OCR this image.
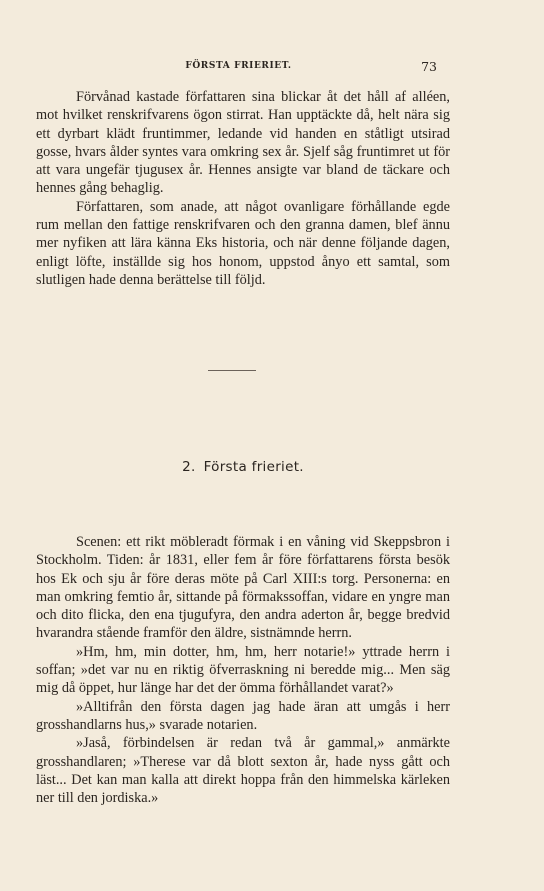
FÖRSTA FRIERIET.	73

Förvånad kastade författaren sina blickar åt det håll af alléen, mot hvilket renskrifvarens ögon stirrat. Han upptäckte då, helt nära sig ett dyrbart klädt fruntimmer, ledande vid handen en ståtligt utsirad gosse, hvars ålder syntes vara omkring sex år. Sjelf såg fruntimret ut för att vara ungefär tjugusex år. Hennes ansigte var bland de täckare och hennes gång behaglig.

Författaren, som anade, att något ovanligare förhållande egde rum mellan den fattige renskrifvaren och den granna damen, blef ännu mer nyfiken att lära känna Eks historia, och när denne följande dagen, enligt löfte, inställde sig hos honom, uppstod ånyo ett samtal, som slutligen hade denna berättelse till följd.

2. Första frieriet.

Scenen: ett rikt möbleradt förmak i en våning vid Skeppsbron i Stockholm. Tiden: år 1831, eller fem år före författarens första besök hos Ek och sju år före deras möte på Carl XIII:s torg. Personerna: en man omkring femtio år, sittande på förmakssoffan, vidare en yngre man och dito flicka, den ena tjugufyra, den andra aderton år, begge bredvid hvarandra stående framför den äldre, sistnämnde herrn.

»Hm, hm, min dotter, hm, hm, herr notarie!» yttrade herrn i soffan; »det var nu en riktig öfverraskning ni beredde mig... Men säg mig då öppet, hur länge har det der ömma förhållandet varat?»

»Alltifrån den första dagen jag hade äran att umgås i herr grosshandlarns hus,» svarade notarien.

»Jaså, förbindelsen är redan två år gammal,» anmärkte grosshandlaren; »Therese var då blott sexton år, hade nyss gått och läst... Det kan man kalla att direkt hoppa från den himmelska kärleken ner till den jordiska.»
